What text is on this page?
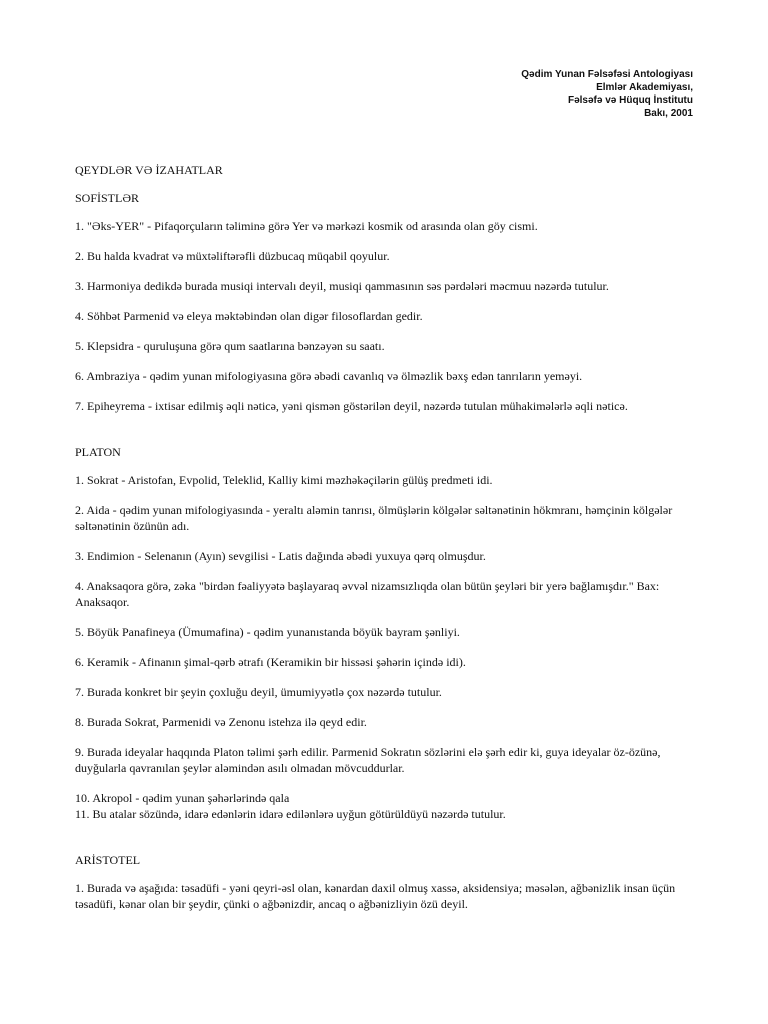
Qədim Yunan Fəlsəfəsi Antologiyası
Elmlər Akademiyası,
Fəlsəfə və Hüquq İnstitutu
Bakı, 2001

QEYDLƏR VƏ İZAHATLAR

SOFİSTLƏR

1. "Əks-YER" - Pifaqorçuların təliminə görə Yer və mərkəzi kosmik od arasında olan göy cismi.

2. Bu halda kvadrat və müxtəliftərəfli düzbucaq müqabil qoyulur.

3. Harmoniya dedikdə burada musiqi intervalı deyil, musiqi qammasının səs pərdələri məcmuu nəzərdə tutulur.

4. Söhbət Parmenid və eleya məktəbindən olan digər filosoflardan gedir.

5. Klepsidra - quruluşuna görə qum saatlarına bənzəyən su saatı.

6. Ambraziya - qədim yunan mifologiyasına görə əbədi cavanlıq və ölməzlik bəxş edən tanrıların yeməyi.

7. Epiheyrema - ixtisar edilmiş əqli nəticə, yəni qismən göstərilən deyil, nəzərdə tutulan mühakimələrlə əqli nəticə.

PLATON

1. Sokrat - Aristofan, Evpolid, Teleklid, Kalliy kimi məzhəkəçilərin gülüş predmeti idi.

2. Aida - qədim yunan mifologiyasında - yeraltı aləmin tanrısı, ölmüşlərin kölgələr səltənətinin hökmranı, həmçinin kölgələr səltənətinin özünün adı.

3. Endimion - Selenanın (Ayın) sevgilisi - Latis dağında əbədi yuxuya qərq olmuşdur.

4. Anaksaqora görə, zəka "birdən fəaliyyətə başlayaraq əvvəl nizamsızlıqda olan bütün şeyləri bir yerə bağlamışdır." Bax: Anaksaqor.

5. Böyük Panafineya (Ümumafina) - qədim yunanıstanda böyük bayram şənliyi.

6. Keramik - Afinanın şimal-qərb ətrafı (Keramikin bir hissəsi şəhərin içində idi).

7. Burada konkret bir şeyin çoxluğu deyil, ümumiyyətlə çox nəzərdə tutulur.

8. Burada Sokrat, Parmenidi və Zenonu istehza ilə qeyd edir.

9. Burada ideyalar haqqında Platon təlimi şərh edilir. Parmenid Sokratın sözlərini elə şərh edir ki, guya ideyalar öz-özünə, duyğularla qavranılan şeylər aləmindən asılı olmadan mövcuddurlar.

10. Akropol - qədim yunan şəhərlərində qala

11. Bu atalar sözündə, idarə edənlərin idarə edilənlərə uyğun götürüldüyü nəzərdə tutulur.

ARİSTOTEL

1. Burada və aşağıda: təsadüfi - yəni qeyri-əsl olan, kənardan daxil olmuş xassə, aksidensiya; məsələn, ağbənizlik insan üçün təsadüfi, kənar olan bir şeydir, çünki o ağbənizdir, ancaq o ağbənizliyin özü deyil.
